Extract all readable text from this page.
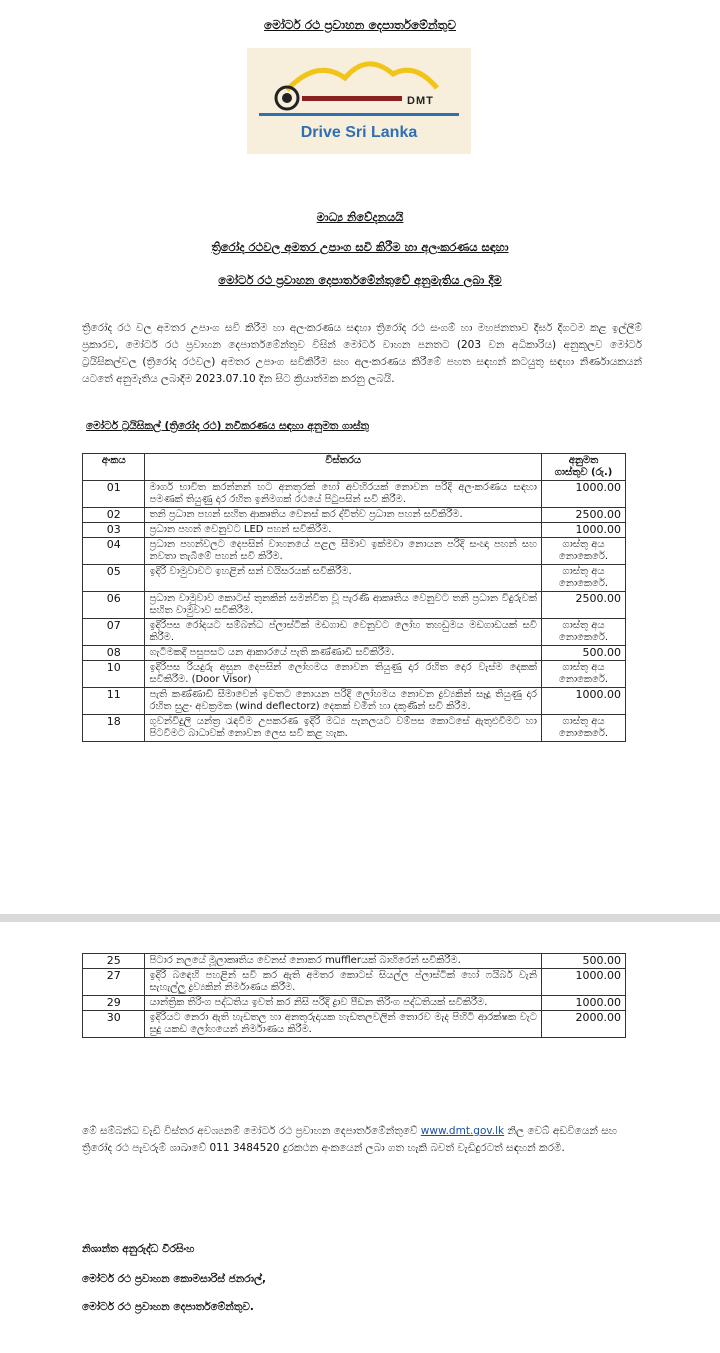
මෝටර් රථ ප්‍රවාහන දෙපාර්තමේන්තුව
DMT
Drive Sri Lanka
මාධ්‍ය නිවේදනයයි
ත්‍රිරෝද රථවල අමතර උපාංග සවි කිරීම හා අලංකරණය සඳහා
මෝටර් රථ ප්‍රවාහන දෙපාර්තමේන්තුවේ අනුමැතිය ලබා දීම
ත්‍රිරෝද රථ වල අමතර උපාංග සවි කිරීම හා අලංකරණය සඳහා ත්‍රිරෝද රථ සංගම් හා මහජනතාව දීර්ඝ දිගටම කළ ඉල්ලීම් ප්‍රකාරව, මෝටර් රථ ප්‍රවාහන දෙපාර්තමේන්තුව විසින් මෝටර් වාහන පනතට (203 වන අධිකාරිය) අනුකූලව මෝටර් ට්‍රයිසිකල්වල (ත්‍රිරෝද රථවල) අමතර උපාංග සවිකිරීම සහ අලංකරණය කිරීමේ පහත සඳහන් කටයුතු සඳහා නිර්ණායකයන් යටතේ අනුමැතිය ලබාදීම 2023.07.10 දින සිට ක්‍රියාත්මක කරනු ලබයි.
මෝටර් ට්‍රයිසිකල් (ත්‍රිරෝද රථ) නවීකරණය සඳහා අනුමත ගාස්තු
අංකය	විස්තරය	අනුමත
ගාස්තුව (රු.)

01	මාර්ග භාවිත කරන්නන් හට අනතුරක් හෝ අවහිරයක් නොවන පරිදි අලංකරණය සඳහා පමණක් තියුණු දාර රහිත ඉනිමගක් රථයේ පිටුපසින් සවි කිරීම.	1000.00
02	තනි ප්‍රධාන පහන් සහිත ආකෘතිය වෙනස් කර ද්විත්ව ප්‍රධාන පහන් සවිකිරීම.	2500.00
03	ප්‍රධාන පහන් වෙනුවට LED පහන් සවිකිරීම.	1000.00
04	ප්‍රධාන පහන්වලට දෙපසින් වාහනයේ පළල සීමාව ඉක්මවා නොයන පරිදි සංඥා පහන් සහ නවතා තැබීමේ පහන් සවි කිරීම.	ගාස්තු අය නොකෙරේ.
05	ඉදිරි වාමුවාවට ඉහළින් සන් වයිසරයක් සවිකිරීම.	ගාස්තු අය නොකෙරේ.
06	ප්‍රධාන වාමුවාව කොටස් තුනකින් සමන්විත වූ පැරණි ආකෘතිය වෙනුවට තනි ප්‍රධාන විදුරුවක් සහිත වාමුවාව සවිකිරීම.	2500.00
07	ඉදිරිපස රෝදයට සම්බන්ධ ප්ලාස්ටික් මඩගාඩ වෙනුවට ලෝහ තහඩුමය මඩගාඩයක් සවි කිරීම.	ගාස්තු අය නොකෙරේ.
08	ගැටීමකදී පසුපසට යන ආකාරයේ පැති කණ්ණාඩි සවිකිරීම.	500.00
10	ඉදිරිපස රියදුරු අසුන දෙපසින් ලෝහමය නොවන තියුණු දාර රහිත දොර වැස්ම දෙකක් සවිකිරීම. (Door Visor)	ගාස්තු අය නොකෙරේ.
11	පැති කණ්ණාඩි සීමාවෙන් ඉවතට නොයන පරිදි ලෝහමය නොවන ද්‍රව්‍යකින් සෑදූ තියුණු දාර රහිත සුළං අවක්‍රමක (wind deflectorz) දෙකක් වමින් හා දකුණින් සවි කිරීම.	1000.00
18	ගුවන්විදුලි යන්ත්‍ර රැඳවීම උපකරණ ඉදිරි මධ්‍ය පැනලයට වම්පස කොටසේ ඇතුළුවීමට හා පිටවීමට බාධාවක් නොවන ලෙස සවි කළ හැක.	ගාස්තු අය නොකෙරේ.
25	පිටාර නලයේ මූලාකෘතිය වෙනස් නොකර mufflerයක් බාහිරෙන් සවිකිරීම.	500.00
27	ඉදිරි බඳෙහි පහළින් සවි කර ඇති අමතර කොටස් සියල්ල ප්ලාස්ටික් හෝ ෆයිබර් වැනි සැහැල්ලු ද්‍රව්‍යකින් නිර්මාණය කිරීම.	1000.00
29	යාන්ත්‍රික තිරිංග පද්ධතිය ඉවත් කර නිසි පරිදි ද්‍රාව පීඩන තිරිංග පද්ධතියක් සවිකිරීම.	1000.00
30	ඉදිරියට නෙරා ඇති හැඩතල හා අනතුරුදායක හැඩතලවලින් තොරව මැද පිහිටි ආරක්ෂක වැට සුදු යකඩ ලෝහයෙන් නිර්මාණය කිරීම.	2000.00
මේ සම්බන්ධ වැඩි විස්තර අවශ්‍යනම් මෝටර් රථ ප්‍රවාහන දෙපාර්තමේන්තුවේ www.dmt.gov.lk නිල වෙබ් අඩවියෙන් සහ ත්‍රිරෝද රථ පැවරුම් ශාඛාවේ 011 3484520 දුරකථන අංකයෙන් ලබා ගත හැකි බවත් වැඩිදුරටත් සඳහන් කරමි.
නිශාන්ත අනුරුද්ධ වීරසිංහ
මෝටර් රථ ප්‍රවාහන කොමසාරිස් ජනරාල්,
මෝටර් රථ ප්‍රවාහන දෙපාර්තමේන්තුව.
